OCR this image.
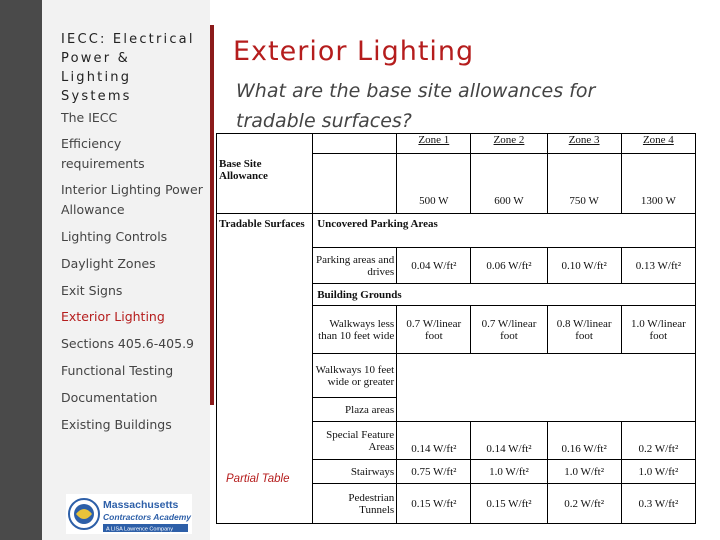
IECC: Electrical Power & Lighting Systems
The IECC
Efficiency requirements
Interior Lighting Power Allowance
Lighting Controls
Daylight Zones
Exit Signs
Exterior Lighting
Sections 405.6-405.9
Functional Testing
Documentation
Existing Buildings
Massachusetts
Contractors Academy
A LISA Lawrence Company
Exterior Lighting
What are the base site allowances for tradable surfaces?
Partial Table
		Zone 1	Zone 2	Zone 3	Zone 4
Base Site Allowance		500 W	600 W	750 W	1300 W
Tradable Surfaces	Uncovered Parking Areas				
	Parking areas and drives	0.04 W/ft²	0.06 W/ft²	0.10 W/ft²	0.13 W/ft²
	Building Grounds				
	Walkways less than 10 feet wide	0.7 W/linear foot	0.7 W/linear foot	0.8 W/linear foot	1.0 W/linear foot
	Walkways 10 feet wide or greater				
	Plaza areas				
	Special Feature Areas	0.14 W/ft²	0.14 W/ft²	0.16 W/ft²	0.2 W/ft²
	Stairways	0.75 W/ft²	1.0 W/ft²	1.0 W/ft²	1.0 W/ft²
	Pedestrian Tunnels	0.15 W/ft²	0.15 W/ft²	0.2 W/ft²	0.3 W/ft²
